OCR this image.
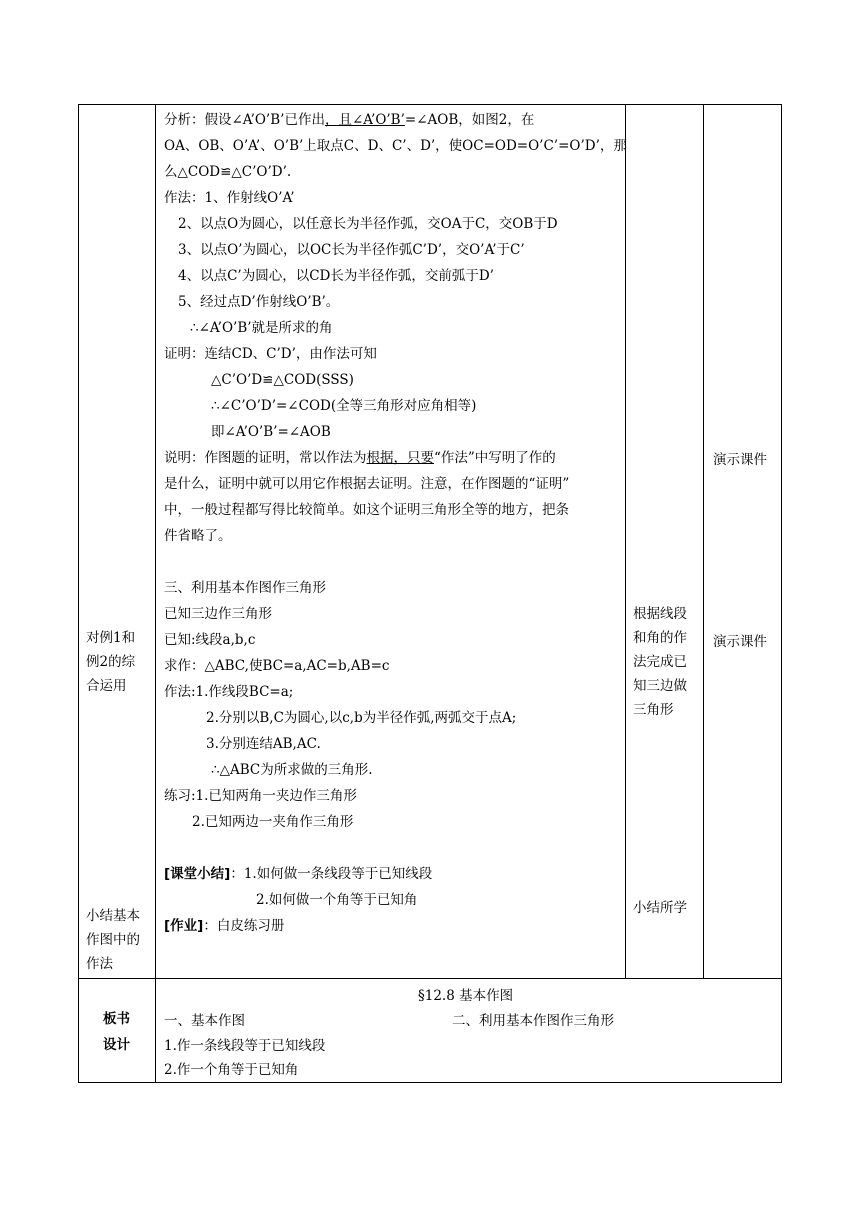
分析：假设∠A’O’B’已作出，且∠A’O’B’=∠AOB，如图2，在
OA、OB、O’A’、O’B’上取点C、D、C’、D’，使OC=OD=O’C’=O’D’，那
么△COD≌△C’O’D’.
作法：1、作射线O’A’
2、以点O为圆心，以任意长为半径作弧，交OA于C，交OB于D
3、以点O’为圆心，以OC长为半径作弧C’D’，交O’A’于C’
4、以点C’为圆心，以CD长为半径作弧，交前弧于D’
5、经过点D’作射线O’B’。
∴∠A’O’B’就是所求的角
证明：连结CD、C’D’，由作法可知
△C’O’D≌△COD(SSS)
∴∠C’O’D’=∠COD(全等三角形对应角相等)
即∠A’O’B’=∠AOB
说明：作图题的证明，常以作法为根据，只要“作法”中写明了作的
是什么，证明中就可以用它作根据去证明。注意，在作图题的“证明”
中，一般过程都写得比较简单。如这个证明三角形全等的地方，把条
件省略了。
三、利用基本作图作三角形
已知三边作三角形
已知:线段a,b,c
求作：△ABC,使BC=a,AC=b,AB=c
作法:1.作线段BC=a;
2.分别以B,C为圆心,以c,b为半径作弧,两弧交于点A;
3.分别连结AB,AC.
∴△ABC为所求做的三角形.
练习:1.已知两角一夹边作三角形
2.已知两边一夹角作三角形
[课堂小结]：1.如何做一条线段等于已知线段
2.如何做一个角等于已知角
[作业]：白皮练习册
对例1和
例2的综
合运用
小结基本
作图中的
作法
根据线段
和角的作
法完成已
知三边做
三角形
小结所学
演示课件
演示课件
板书
设计
§12.8 基本作图
一、基本作图	二、利用基本作图作三角形
1.作一条线段等于已知线段
2.作一个角等于已知角
